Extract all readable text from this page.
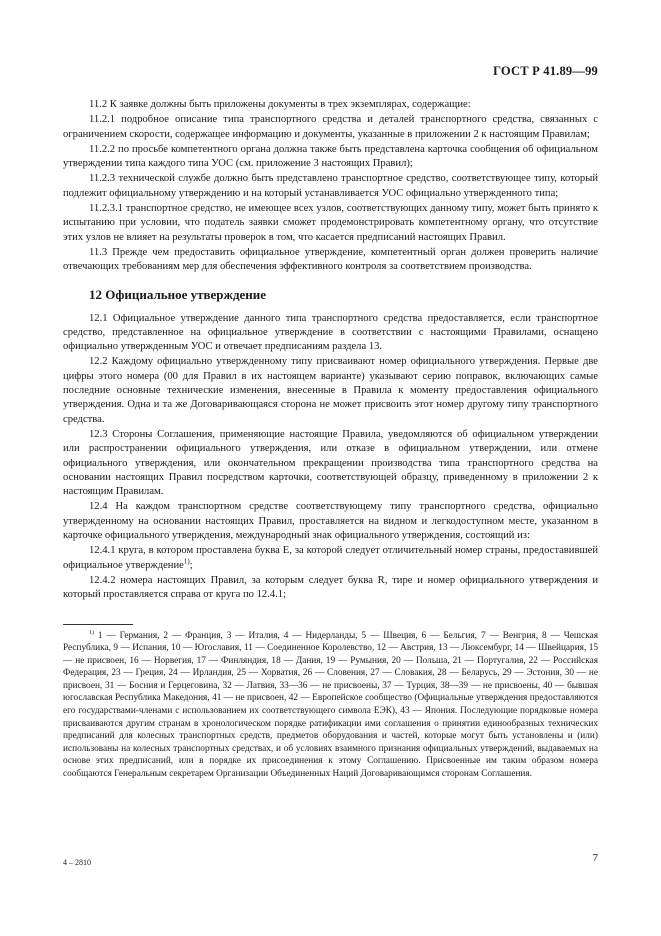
ГОСТ Р 41.89—99

11.2 К заявке должны быть приложены документы в трех экземплярах, содержащие:

11.2.1 подробное описание типа транспортного средства и деталей транспортного средства, связанных с ограничением скорости, содержащее информацию и документы, указанные в приложении 2 к настоящим Правилам;

11.2.2 по просьбе компетентного органа должна также быть представлена карточка сообщения об официальном утверждении типа каждого типа УОС (см. приложение 3 настоящих Правил);

11.2.3 технической службе должно быть представлено транспортное средство, соответствующее типу, который подлежит официальному утверждению и на который устанавливается УОС официально утвержденного типа;

11.2.3.1 транспортное средство, не имеющее всех узлов, соответствующих данному типу, может быть принято к испытанию при условии, что податель заявки сможет продемонстрировать компетентному органу, что отсутствие этих узлов не влияет на результаты проверок в том, что касается предписаний настоящих Правил.

11.3 Прежде чем предоставить официальное утверждение, компетентный орган должен проверить наличие отвечающих требованиям мер для обеспечения эффективного контроля за соответствием производства.

12 Официальное утверждение

12.1 Официальное утверждение данного типа транспортного средства предоставляется, если транспортное средство, представленное на официальное утверждение в соответствии с настоящими Правилами, оснащено официально утвержденным УОС и отвечает предписаниям раздела 13.

12.2 Каждому официально утвержденному типу присваивают номер официального утверждения. Первые две цифры этого номера (00 для Правил в их настоящем варианте) указывают серию поправок, включающих самые последние основные технические изменения, внесенные в Правила к моменту предоставления официального утверждения. Одна и та же Договаривающаяся сторона не может присвоить этот номер другому типу транспортного средства.

12.3 Стороны Соглашения, применяющие настоящие Правила, уведомляются об официальном утверждении или распространении официального утверждения, или отказе в официальном утверждении, или отмене официального утверждения, или окончательном прекращении производства типа транспортного средства на основании настоящих Правил посредством карточки, соответствующей образцу, приведенному в приложении 2 к настоящим Правилам.

12.4 На каждом транспортном средстве соответствующему типу транспортного средства, официально утвержденному на основании настоящих Правил, проставляется на видном и легкодоступном месте, указанном в карточке официального утверждения, международный знак официального утверждения, состоящий из:

12.4.1 круга, в котором проставлена буква Е, за которой следует отличительный номер страны, предоставившей официальное утверждение$^{1)}$;

12.4.2 номера настоящих Правил, за которым следует буква R, тире и номер официального утверждения и который проставляется справа от круга по 12.4.1;

$^{1)}$ 1 — Германия, 2 — Франция, 3 — Италия, 4 — Нидерланды, 5 — Швеция, 6 — Бельгия, 7 — Венгрия, 8 — Чешская Республика, 9 — Испания, 10 — Югославия, 11 — Соединенное Королевство, 12 — Австрия, 13 — Люксембург, 14 — Швейцария, 15 — не присвоен, 16 — Норвегия, 17 — Финляндия, 18 — Дания, 19 — Румыния, 20 — Польша, 21 — Португалия, 22 — Российская Федерация, 23 — Греция, 24 — Ирландия, 25 — Хорватия, 26 — Словения, 27 — Словакия, 28 — Беларусь, 29 — Эстония, 30 — не присвоен, 31 — Босния и Герцеговина, 32 — Латвия, 33—36 — не присвоены, 37 — Турция, 38—39 — не присвоены, 40 — бывшая югославская Республика Македония, 41 — не присвоен, 42 — Европейское сообщество (Официальные утверждения предоставляются его государствами-членами с использованием их соответствующего символа ЕЭК), 43 — Япония. Последующие порядковые номера присваиваются другим странам в хронологическом порядке ратификации ими соглашения о принятии единообразных технических предписаний для колесных транспортных средств, предметов оборудования и частей, которые могут быть установлены и (или) использованы на колесных транспортных средствах, и об условиях взаимного признания официальных утверждений, выдаваемых на основе этих предписаний, или в порядке их присоединения к этому Соглашению. Присвоенные им таким образом номера сообщаются Генеральным секретарем Организации Объединенных Наций Договаривающимся сторонам Соглашения.

4 – 2810	7
